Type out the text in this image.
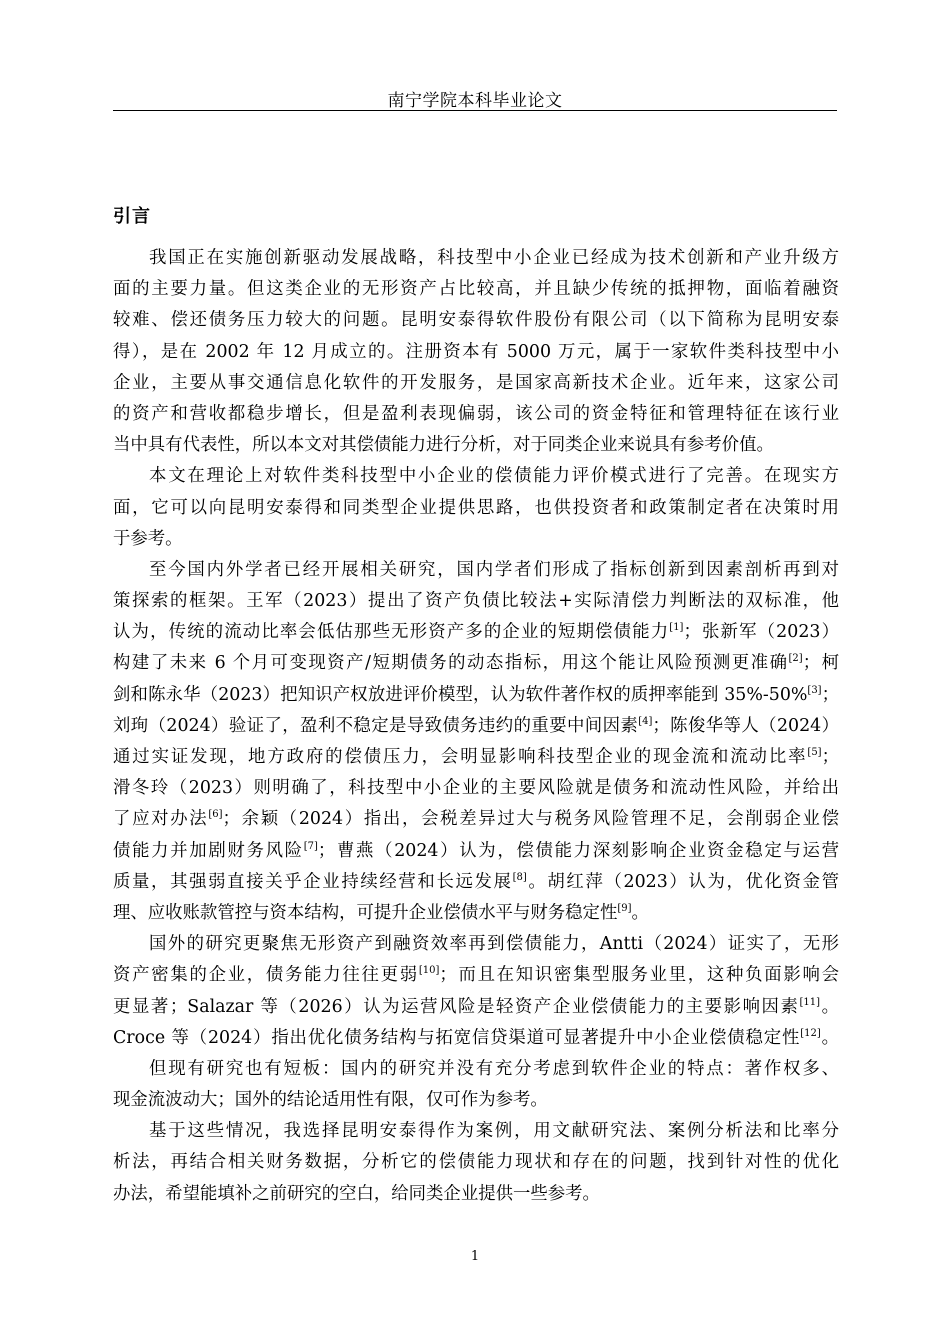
南宁学院本科毕业论文
引言
我国正在实施创新驱动发展战略，科技型中小企业已经成为技术创新和产业升级方
面的主要力量。但这类企业的无形资产占比较高，并且缺少传统的抵押物，面临着融资
较难、偿还债务压力较大的问题。昆明安泰得软件股份有限公司（以下简称为昆明安泰
得），是在 2002 年 12 月成立的。注册资本有 5000 万元，属于一家软件类科技型中小
企业，主要从事交通信息化软件的开发服务，是国家高新技术企业。近年来，这家公司
的资产和营收都稳步增长，但是盈利表现偏弱，该公司的资金特征和管理特征在该行业
当中具有代表性，所以本文对其偿债能力进行分析，对于同类企业来说具有参考价值。
本文在理论上对软件类科技型中小企业的偿债能力评价模式进行了完善。在现实方
面，它可以向昆明安泰得和同类型企业提供思路，也供投资者和政策制定者在决策时用
于参考。
至今国内外学者已经开展相关研究，国内学者们形成了指标创新到因素剖析再到对
策探索的框架。王军（2023）提出了资产负债比较法+实际清偿力判断法的双标准，他
认为，传统的流动比率会低估那些无形资产多的企业的短期偿债能力[1]；张新军（2023）
构建了未来 6 个月可变现资产/短期债务的动态指标，用这个能让风险预测更准确[2]；柯
剑和陈永华（2023）把知识产权放进评价模型，认为软件著作权的质押率能到 35%-50%[3]；
刘珣（2024）验证了，盈利不稳定是导致债务违约的重要中间因素[4]；陈俊华等人（2024）
通过实证发现，地方政府的偿债压力，会明显影响科技型企业的现金流和流动比率[5]；
滑冬玲（2023）则明确了，科技型中小企业的主要风险就是债务和流动性风险，并给出
了应对办法[6]；余颖（2024）指出，会税差异过大与税务风险管理不足，会削弱企业偿
债能力并加剧财务风险[7]；曹燕（2024）认为，偿债能力深刻影响企业资金稳定与运营
质量，其强弱直接关乎企业持续经营和长远发展[8]。胡红萍（2023）认为，优化资金管
理、应收账款管控与资本结构，可提升企业偿债水平与财务稳定性[9]。
国外的研究更聚焦无形资产到融资效率再到偿债能力，Antti（2024）证实了，无形
资产密集的企业，债务能力往往更弱[10]；而且在知识密集型服务业里，这种负面影响会
更显著；Salazar 等（2026）认为运营风险是轻资产企业偿债能力的主要影响因素[11]。
Croce 等（2024）指出优化债务结构与拓宽信贷渠道可显著提升中小企业偿债稳定性[12]。
但现有研究也有短板：国内的研究并没有充分考虑到软件企业的特点：著作权多、
现金流波动大；国外的结论适用性有限，仅可作为参考。
基于这些情况，我选择昆明安泰得作为案例，用文献研究法、案例分析法和比率分
析法，再结合相关财务数据，分析它的偿债能力现状和存在的问题，找到针对性的优化
办法，希望能填补之前研究的空白，给同类企业提供一些参考。
1
